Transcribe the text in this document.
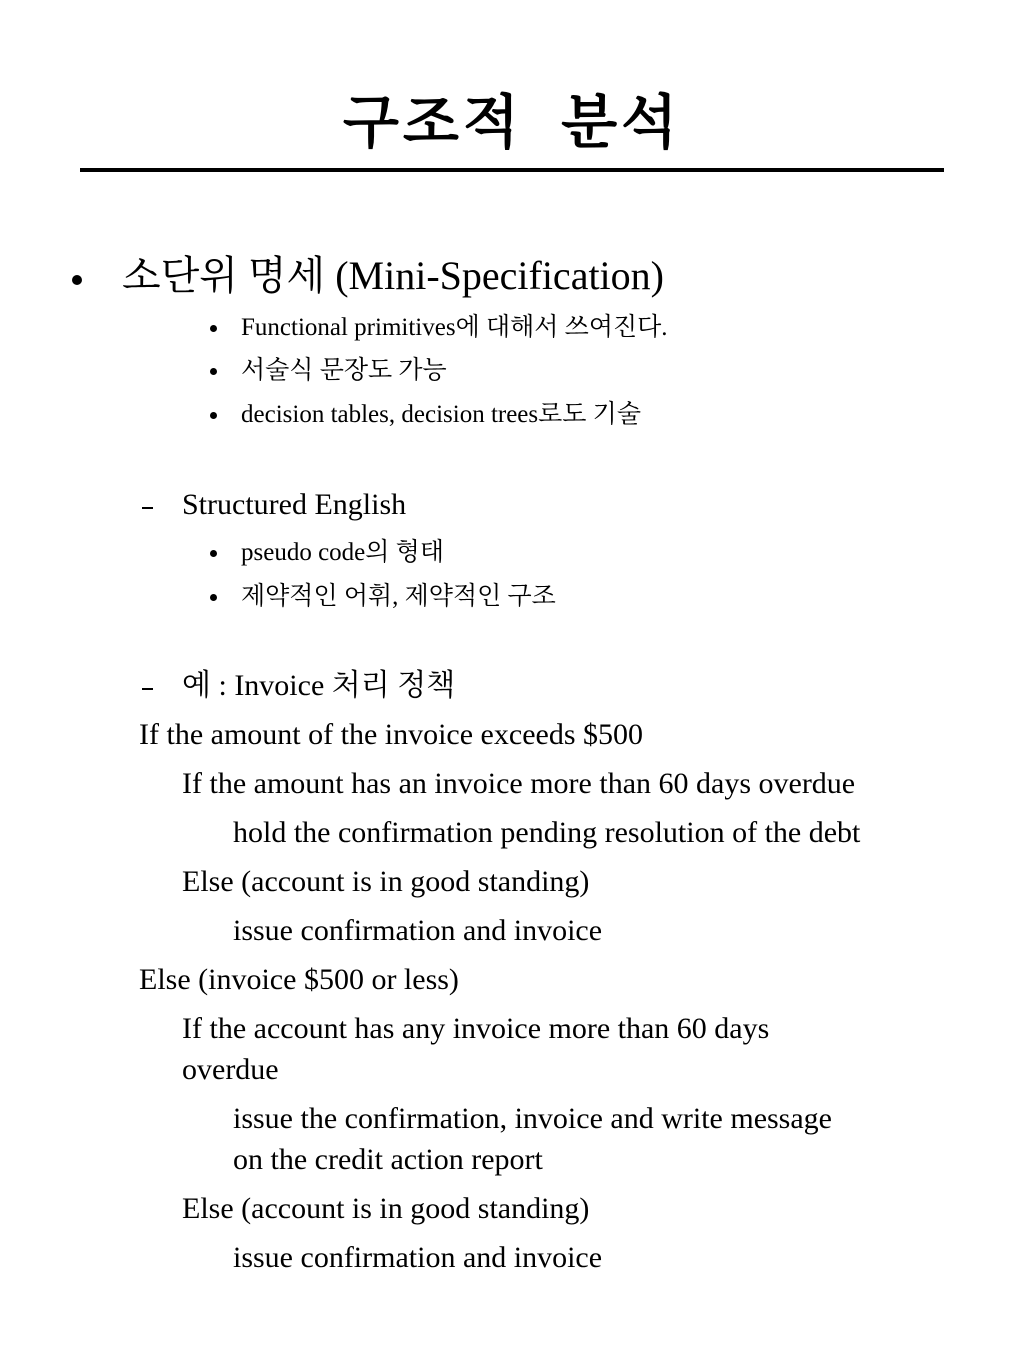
구조적 분석
소단위 명세 (Mini-Specification)
Functional primitives에 대해서 쓰여진다.
서술식 문장도 가능
decision tables, decision trees로도 기술
Structured English
pseudo code의 형태
제약적인 어휘, 제약적인 구조
예 : Invoice 처리 정책
If the amount of the invoice exceeds $500
If the amount has an invoice more than 60 days overdue
hold the confirmation pending resolution of the debt
Else (account is in good standing)
issue confirmation and invoice
Else (invoice $500 or less)
If the account has any invoice more than 60 days
overdue
issue the confirmation, invoice and write message
on the credit action report
Else (account is in good standing)
issue confirmation and invoice
